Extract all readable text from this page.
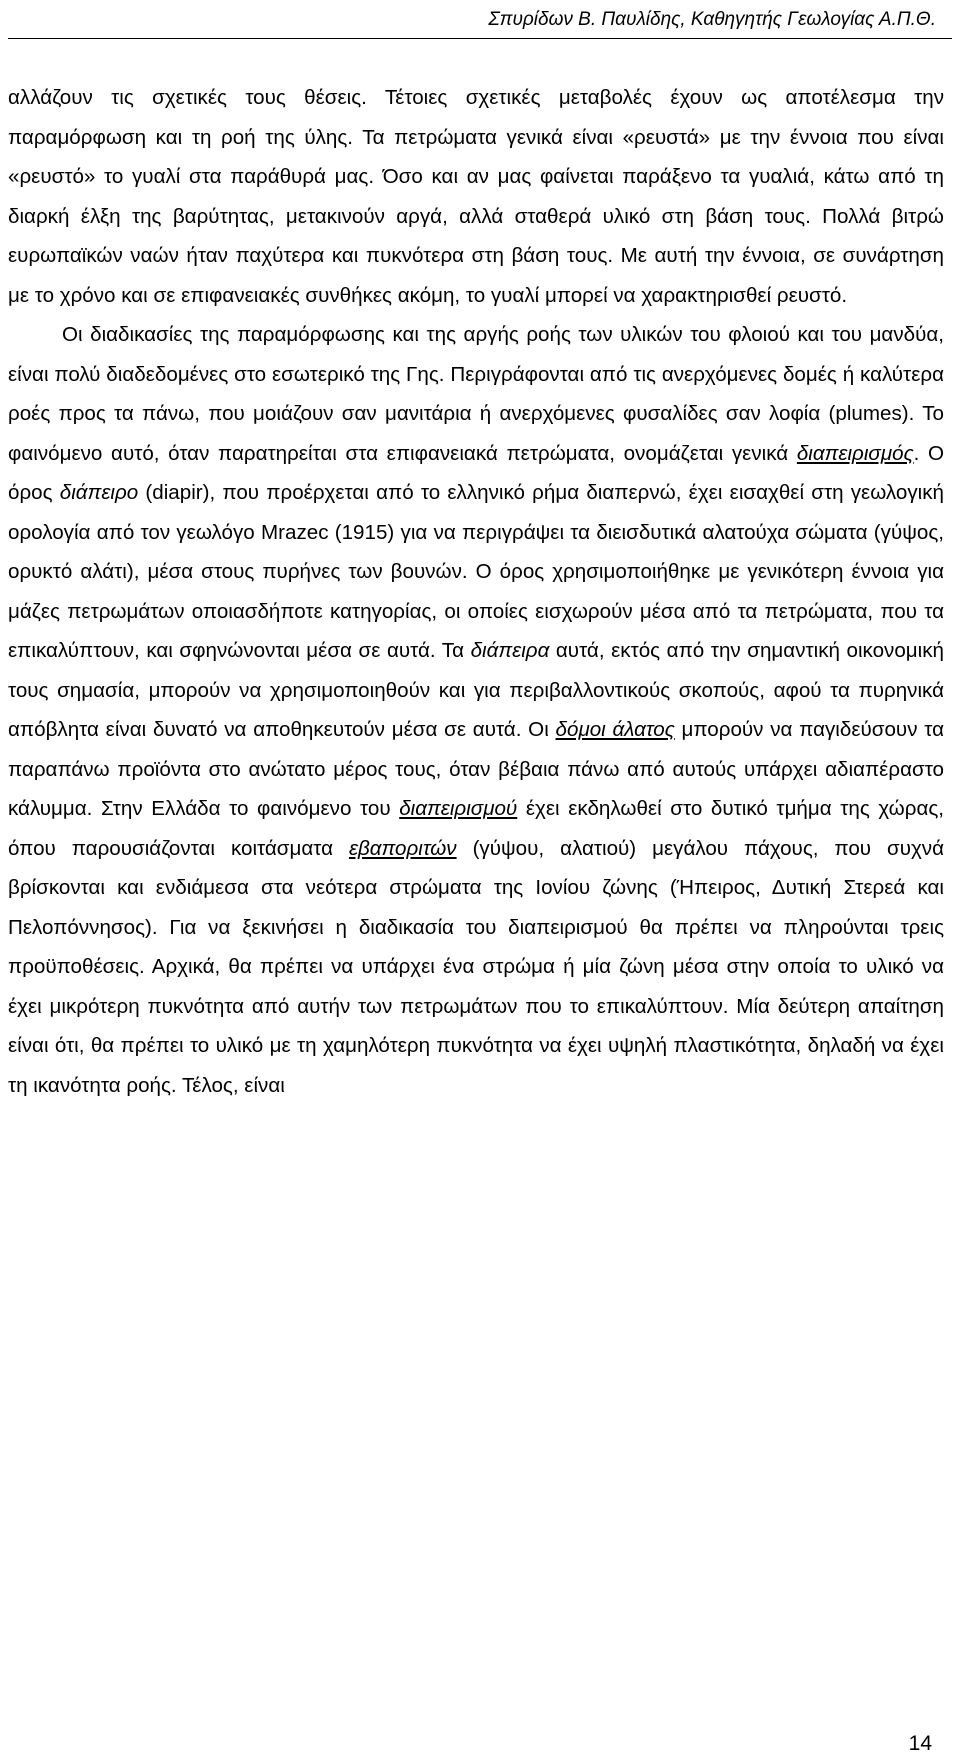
Σπυρίδων Β. Παυλίδης, Καθηγητής Γεωλογίας Α.Π.Θ.

αλλάζουν τις σχετικές τους θέσεις. Τέτοιες σχετικές μεταβολές έχουν ως αποτέλεσμα την παραμόρφωση και τη ροή της ύλης. Τα πετρώματα γενικά είναι «ρευστά» με την έννοια που είναι «ρευστό» το γυαλί στα παράθυρά μας. Όσο και αν μας φαίνεται παράξενο τα γυαλιά, κάτω από τη διαρκή έλξη της βαρύτητας, μετακινούν αργά, αλλά σταθερά υλικό στη βάση τους. Πολλά βιτρώ ευρωπαϊκών ναών ήταν παχύτερα και πυκνότερα στη βάση τους. Με αυτή την έννοια, σε συνάρτηση με το χρόνο και σε επιφανειακές συνθήκες ακόμη, το γυαλί μπορεί να χαρακτηρισθεί ρευστό.

Οι διαδικασίες της παραμόρφωσης και της αργής ροής των υλικών του φλοιού και του μανδύα, είναι πολύ διαδεδομένες στο εσωτερικό της Γης. Περιγράφονται από τις ανερχόμενες δομές ή καλύτερα ροές προς τα πάνω, που μοιάζουν σαν μανιτάρια ή ανερχόμενες φυσαλίδες σαν λοφία (plumes). Το φαινόμενο αυτό, όταν παρατηρείται στα επιφανειακά πετρώματα, ονομάζεται γενικά διαπειρισμός. Ο όρος διάπειρο (diapir), που προέρχεται από το ελληνικό ρήμα διαπερνώ, έχει εισαχθεί στη γεωλογική ορολογία από τον γεωλόγο Mrazec (1915) για να περιγράψει τα διεισδυτικά αλατούχα σώματα (γύψος, ορυκτό αλάτι), μέσα στους πυρήνες των βουνών. Ο όρος χρησιμοποιήθηκε με γενικότερη έννοια για μάζες πετρωμάτων οποιασδήποτε κατηγορίας, οι οποίες εισχωρούν μέσα από τα πετρώματα, που τα επικαλύπτουν, και σφηνώνονται μέσα σε αυτά. Τα διάπειρα αυτά, εκτός από την σημαντική οικονομική τους σημασία, μπορούν να χρησιμοποιηθούν και για περιβαλλοντικούς σκοπούς, αφού τα πυρηνικά απόβλητα είναι δυνατό να αποθηκευτούν μέσα σε αυτά. Οι δόμοι άλατος μπορούν να παγιδεύσουν τα παραπάνω προϊόντα στο ανώτατο μέρος τους, όταν βέβαια πάνω από αυτούς υπάρχει αδιαπέραστο κάλυμμα. Στην Ελλάδα το φαινόμενο του διαπειρισμού έχει εκδηλωθεί στο δυτικό τμήμα της χώρας, όπου παρουσιάζονται κοιτάσματα εβαποριτών (γύψου, αλατιού) μεγάλου πάχους, που συχνά βρίσκονται και ενδιάμεσα στα νεότερα στρώματα της Ιονίου ζώνης (Ήπειρος, Δυτική Στερεά και Πελοπόννησος). Για να ξεκινήσει η διαδικασία του διαπειρισμού θα πρέπει να πληρούνται τρεις προϋποθέσεις. Αρχικά, θα πρέπει να υπάρχει ένα στρώμα ή μία ζώνη μέσα στην οποία το υλικό να έχει μικρότερη πυκνότητα από αυτήν των πετρωμάτων που το επικαλύπτουν. Μία δεύτερη απαίτηση είναι ότι, θα πρέπει το υλικό με τη χαμηλότερη πυκνότητα να έχει υψηλή πλαστικότητα, δηλαδή να έχει τη ικανότητα ροής. Τέλος, είναι

14
